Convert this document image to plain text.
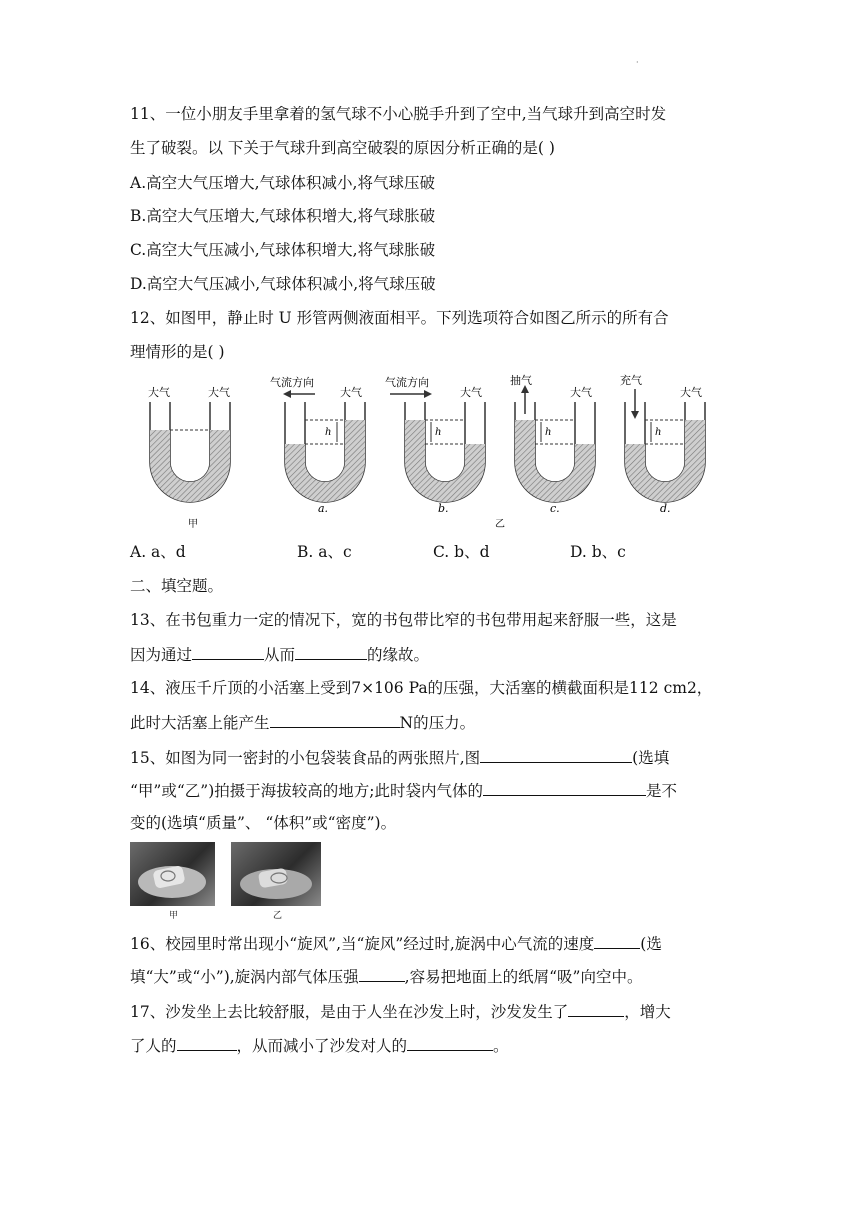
·
11、一位小朋友手里拿着的氢气球不小心脱手升到了空中,当气球升到高空时发
生了破裂。以 下关于气球升到高空破裂的原因分析正确的是( )
A.高空大气压增大,气球体积减小,将气球压破
B.高空大气压增大,气球体积增大,将气球胀破
C.高空大气压减小,气球体积增大,将气球胀破
D.高空大气压减小,气球体积减小,将气球压破
12、如图甲，静止时 U 形管两侧液面相平。下列选项符合如图乙所示的所有合
理情形的是( )
大气	大气
甲
h
气流方向
大气
a.
h
气流方向
大气
b.
h
抽气
大气
c.
乙
h
充气
大气
d.
A. a、d	B. a、c	C. b、d	D. b、c
二、填空题。
13、在书包重力一定的情况下，宽的书包带比窄的书包带用起来舒服一些，这是
因为通过	从而	的缘故。
14、液压千斤顶的小活塞上受到7×106 Pa的压强，大活塞的横截面积是112 cm2，
此时大活塞上能产生	N的压力。
15、如图为同一密封的小包袋装食品的两张照片,图	(选填
“甲”或“乙”)拍摄于海拔较高的地方;此时袋内气体的	是不
变的(选填“质量”、 “体积”或“密度”)。
甲	乙
16、校园里时常出现小“旋风”,当“旋风”经过时,旋涡中心气流的速度	(选
填“大”或“小”),旋涡内部气体压强	,容易把地面上的纸屑“吸”向空中。
17、沙发坐上去比较舒服，是由于人坐在沙发上时，沙发发生了	，增大
了人的	，从而减小了沙发对人的	。
